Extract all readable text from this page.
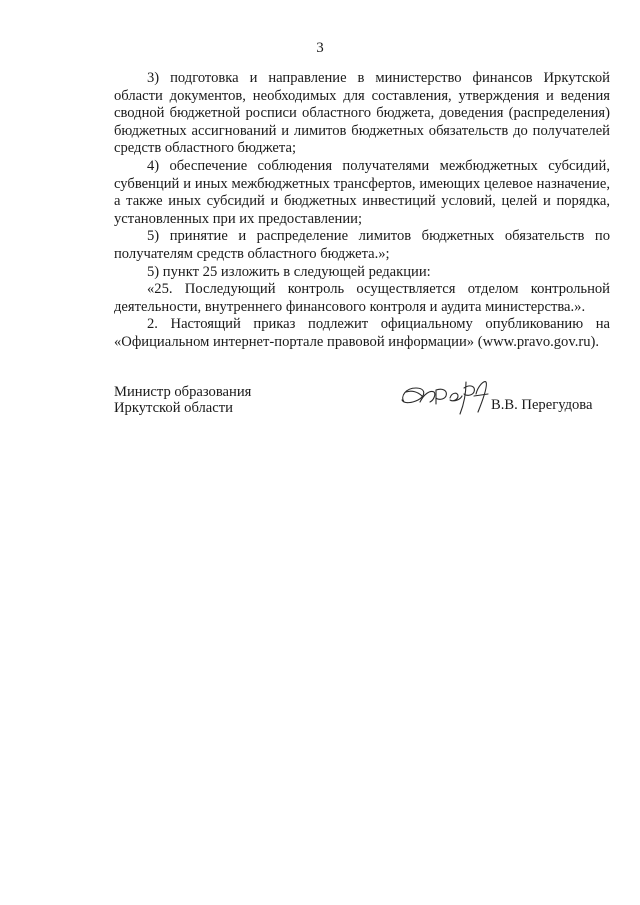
3

3) подготовка и направление в министерство финансов Иркутской области документов, необходимых для составления, утверждения и ведения сводной бюджетной росписи областного бюджета, доведения (распределения) бюджетных ассигнований и лимитов бюджетных обязательств до получателей средств областного бюджета;

4) обеспечение соблюдения получателями межбюджетных субсидий, субвенций и иных межбюджетных трансфертов, имеющих целевое назначение, а также иных субсидий и бюджетных инвестиций условий, целей и порядка, установленных при их предоставлении;

5) принятие и распределение лимитов бюджетных обязательств по получателям средств областного бюджета.»;

5) пункт 25 изложить в следующей редакции:

«25. Последующий контроль осуществляется отделом контрольной деятельности, внутреннего финансового контроля и аудита министерства.».

2. Настоящий приказ подлежит официальному опубликованию на «Официальном интернет-портале правовой информации» (www.pravo.gov.ru).

Министр образования
Иркутской области	В.В. Перегудова
